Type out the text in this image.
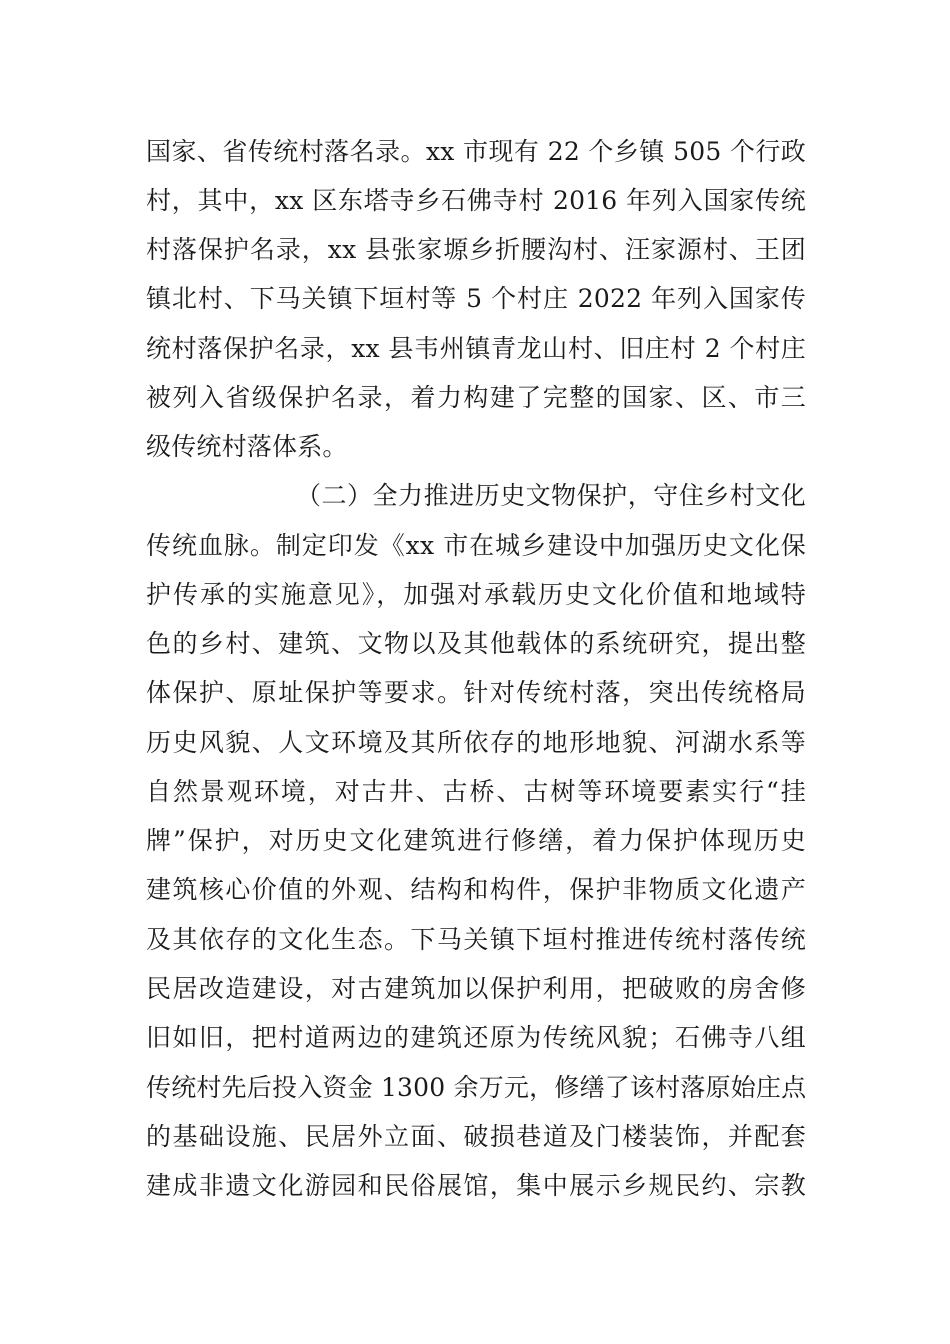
国家、省传统村落名录。xx 市现有 22 个乡镇 505 个行政
村，其中，xx 区东塔寺乡石佛寺村 2016 年列入国家传统
村落保护名录，xx 县张家塬乡折腰沟村、汪家源村、王团
镇北村、下马关镇下垣村等 5 个村庄 2022 年列入国家传
统村落保护名录，xx 县韦州镇青龙山村、旧庄村 2 个村庄
被列入省级保护名录，着力构建了完整的国家、区、市三
级传统村落体系。
（二）全力推进历史文物保护，守住乡村文化
传统血脉。制定印发《xx 市在城乡建设中加强历史文化保
护传承的实施意见》，加强对承载历史文化价值和地域特
色的乡村、建筑、文物以及其他载体的系统研究，提出整
体保护、原址保护等要求。针对传统村落，突出传统格局
历史风貌、人文环境及其所依存的地形地貌、河湖水系等
自然景观环境，对古井、古桥、古树等环境要素实行“挂
牌”保护，对历史文化建筑进行修缮，着力保护体现历史
建筑核心价值的外观、结构和构件，保护非物质文化遗产
及其依存的文化生态。下马关镇下垣村推进传统村落传统
民居改造建设，对古建筑加以保护利用，把破败的房舍修
旧如旧，把村道两边的建筑还原为传统风貌；石佛寺八组
传统村先后投入资金 1300 余万元，修缮了该村落原始庄点
的基础设施、民居外立面、破损巷道及门楼装饰，并配套
建成非遗文化游园和民俗展馆，集中展示乡规民约、宗教
